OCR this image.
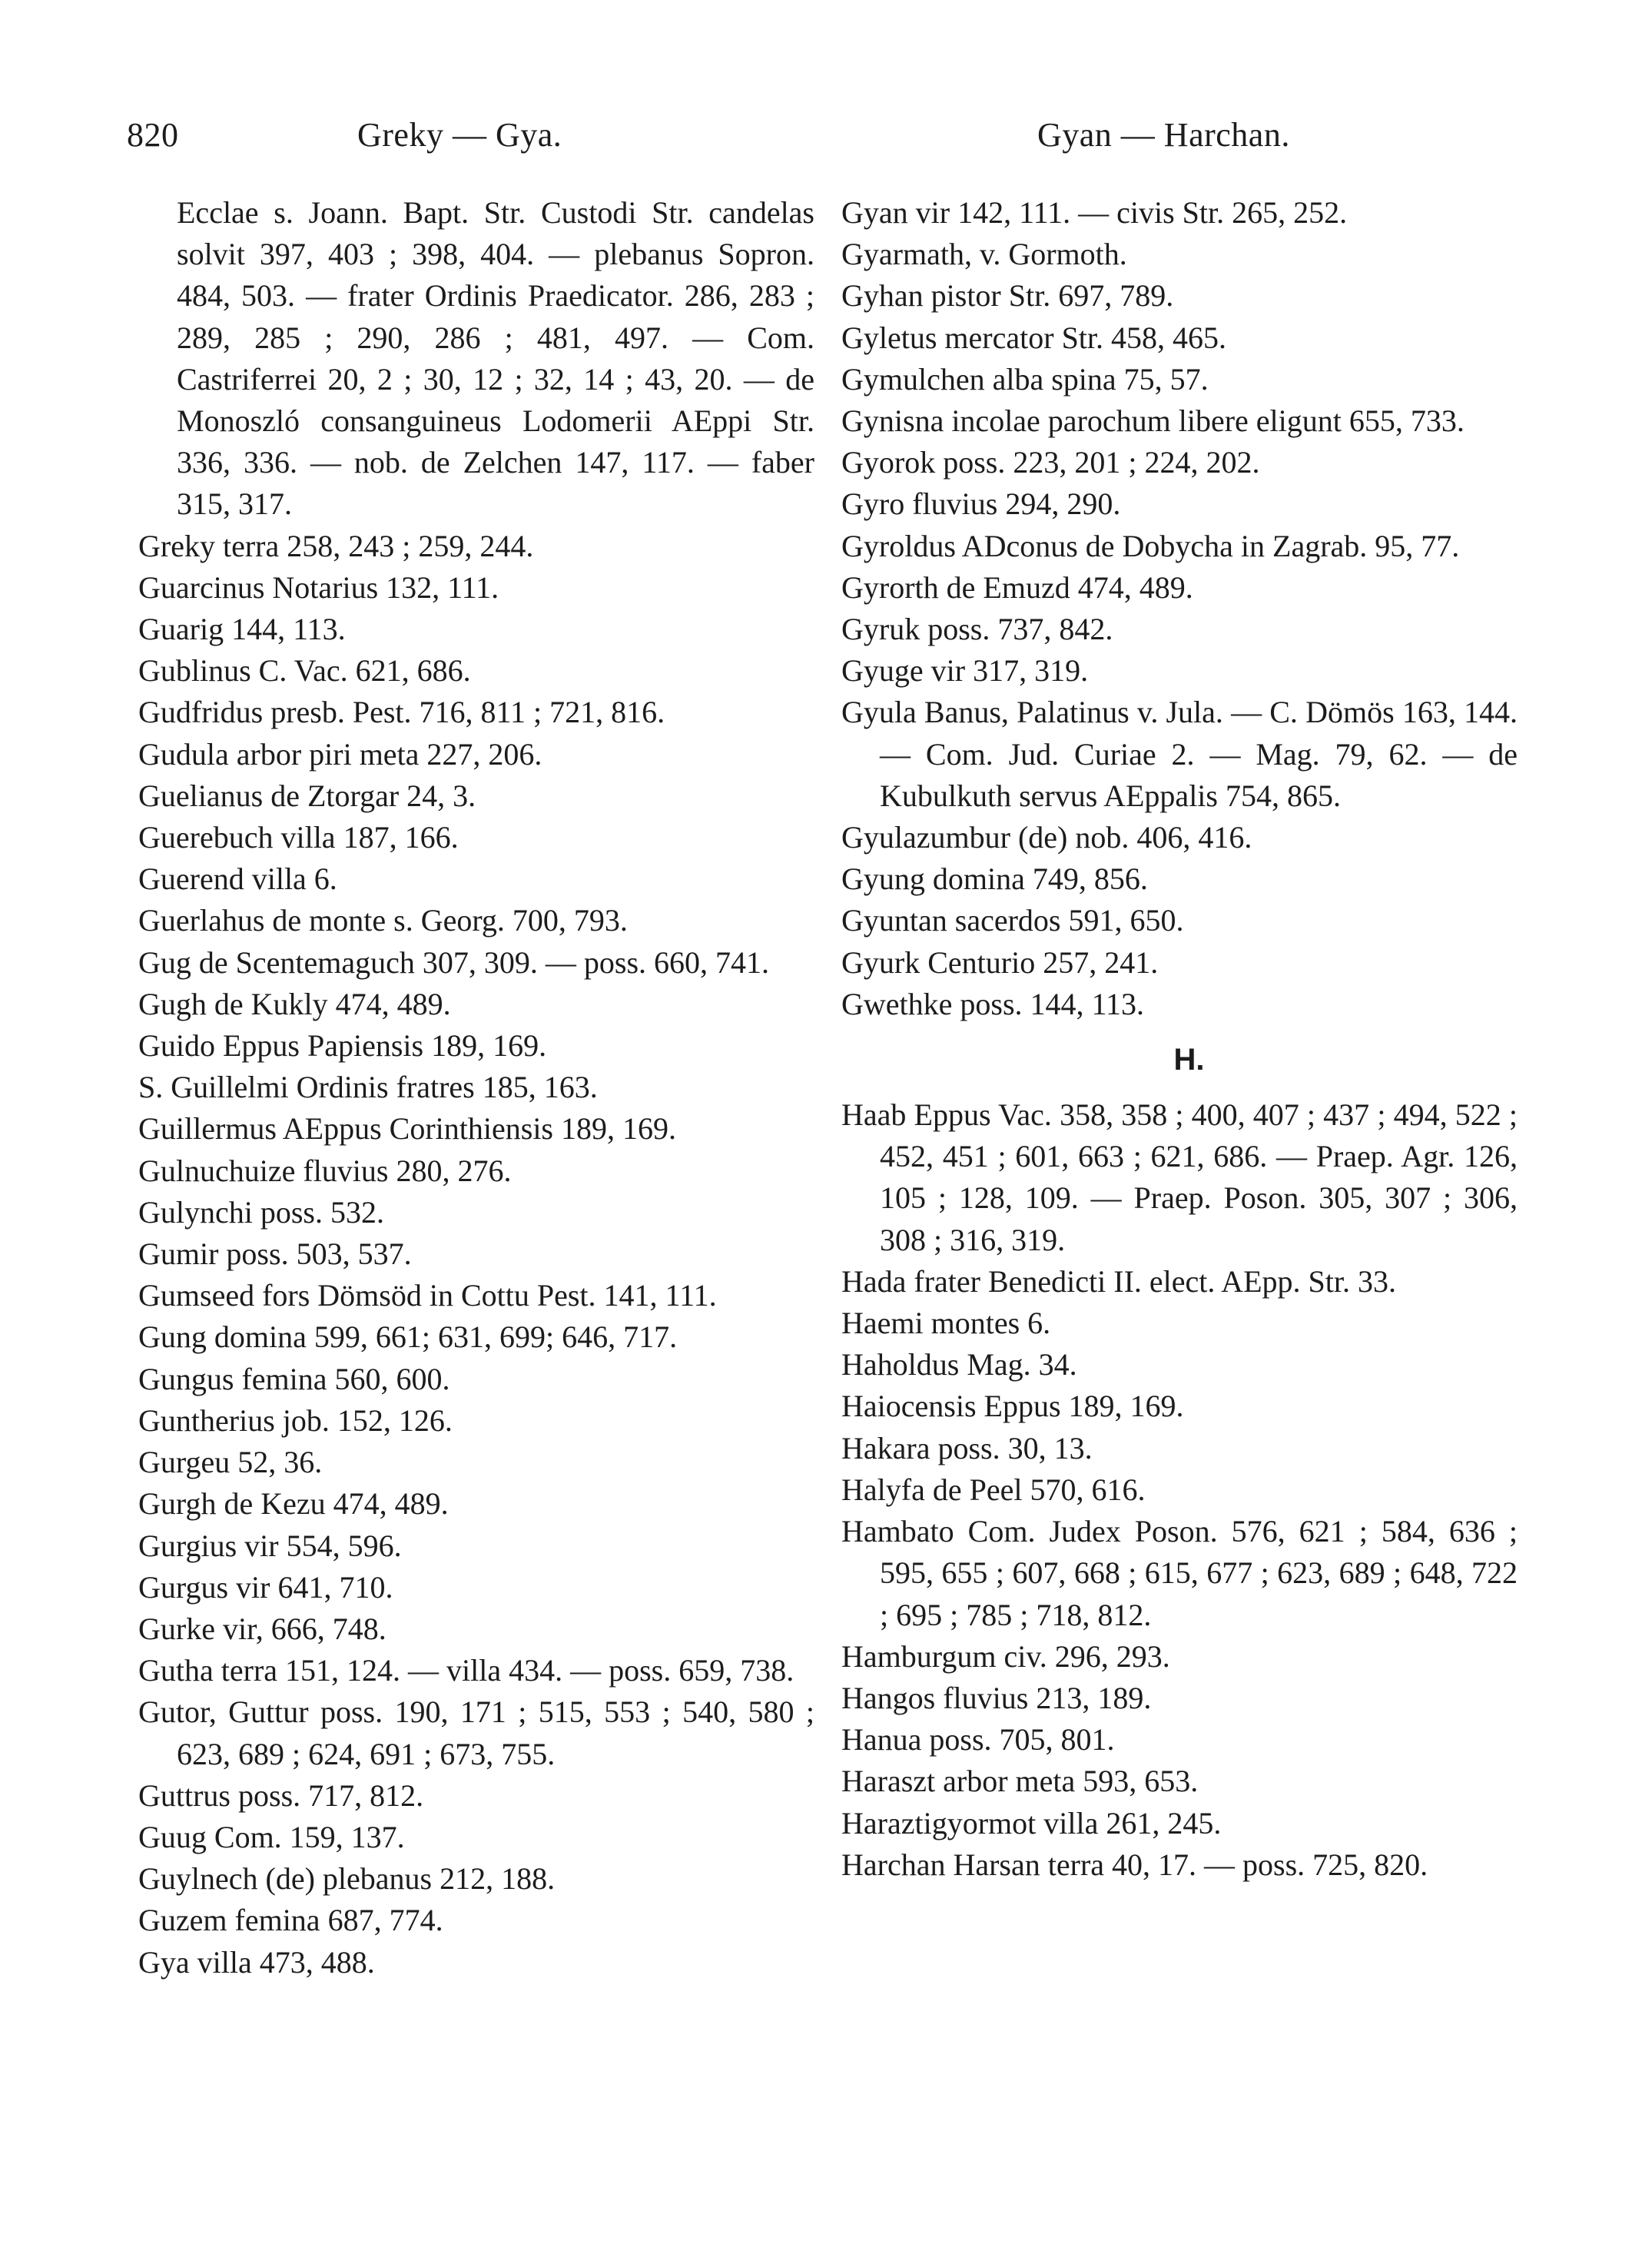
820	Greky — Gya.	Gyan — Harchan.

Ecclae s. Joann. Bapt. Str. Custodi Str. candelas solvit 397, 403 ; 398, 404. — plebanus Sopron. 484, 503. — frater Ordinis Praedicator. 286, 283 ; 289, 285 ; 290, 286 ; 481, 497. — Com. Castriferrei 20, 2 ; 30, 12 ; 32, 14 ; 43, 20. — de Monoszló consanguineus Lodomerii AEppi Str. 336, 336. — nob. de Zelchen 147, 117. — faber 315, 317.

Greky terra 258, 243 ; 259, 244.

Guarcinus Notarius 132, 111.

Guarig 144, 113.

Gublinus C. Vac. 621, 686.

Gudfridus presb. Pest. 716, 811 ; 721, 816.

Gudula arbor piri meta 227, 206.

Guelianus de Ztorgar 24, 3.

Guerebuch villa 187, 166.

Guerend villa 6.

Guerlahus de monte s. Georg. 700, 793.

Gug de Scentemaguch 307, 309. — poss. 660, 741.

Gugh de Kukly 474, 489.

Guido Eppus Papiensis 189, 169.

S. Guillelmi Ordinis fratres 185, 163.

Guillermus AEppus Corinthiensis 189, 169.

Gulnuchuize fluvius 280, 276.

Gulynchi poss. 532.

Gumir poss. 503, 537.

Gumseed fors Dömsöd in Cottu Pest. 141, 111.

Gung domina 599, 661; 631, 699; 646, 717.

Gungus femina 560, 600.

Guntherius job. 152, 126.

Gurgeu 52, 36.

Gurgh de Kezu 474, 489.

Gurgius vir 554, 596.

Gurgus vir 641, 710.

Gurke vir, 666, 748.

Gutha terra 151, 124. — villa 434. — poss. 659, 738.

Gutor, Guttur poss. 190, 171 ; 515, 553 ; 540, 580 ; 623, 689 ; 624, 691 ; 673, 755.

Guttrus poss. 717, 812.

Guug Com. 159, 137.

Guylnech (de) plebanus 212, 188.

Guzem femina 687, 774.

Gya villa 473, 488.

Gyan vir 142, 111. — civis Str. 265, 252.

Gyarmath, v. Gormoth.

Gyhan pistor Str. 697, 789.

Gyletus mercator Str. 458, 465.

Gymulchen alba spina 75, 57.

Gynisna incolae parochum libere eligunt 655, 733.

Gyorok poss. 223, 201 ; 224, 202.

Gyro fluvius 294, 290.

Gyroldus ADconus de Dobycha in Zagrab. 95, 77.

Gyrorth de Emuzd 474, 489.

Gyruk poss. 737, 842.

Gyuge vir 317, 319.

Gyula Banus, Palatinus v. Jula. — C. Dömös 163, 144. — Com. Jud. Curiae 2. — Mag. 79, 62. — de Kubulkuth servus AEppalis 754, 865.

Gyulazumbur (de) nob. 406, 416.

Gyung domina 749, 856.

Gyuntan sacerdos 591, 650.

Gyurk Centurio 257, 241.

Gwethke poss. 144, 113.

H.

Haab Eppus Vac. 358, 358 ; 400, 407 ; 437 ; 494, 522 ; 452, 451 ; 601, 663 ; 621, 686. — Praep. Agr. 126, 105 ; 128, 109. — Praep. Poson. 305, 307 ; 306, 308 ; 316, 319.

Hada frater Benedicti II. elect. AEpp. Str. 33.

Haemi montes 6.

Haholdus Mag. 34.

Haiocensis Eppus 189, 169.

Hakara poss. 30, 13.

Halyfa de Peel 570, 616.

Hambato Com. Judex Poson. 576, 621 ; 584, 636 ; 595, 655 ; 607, 668 ; 615, 677 ; 623, 689 ; 648, 722 ; 695 ; 785 ; 718, 812.

Hamburgum civ. 296, 293.

Hangos fluvius 213, 189.

Hanua poss. 705, 801.

Haraszt arbor meta 593, 653.

Haraztigyormot villa 261, 245.

Harchan Harsan terra 40, 17. — poss. 725, 820.
